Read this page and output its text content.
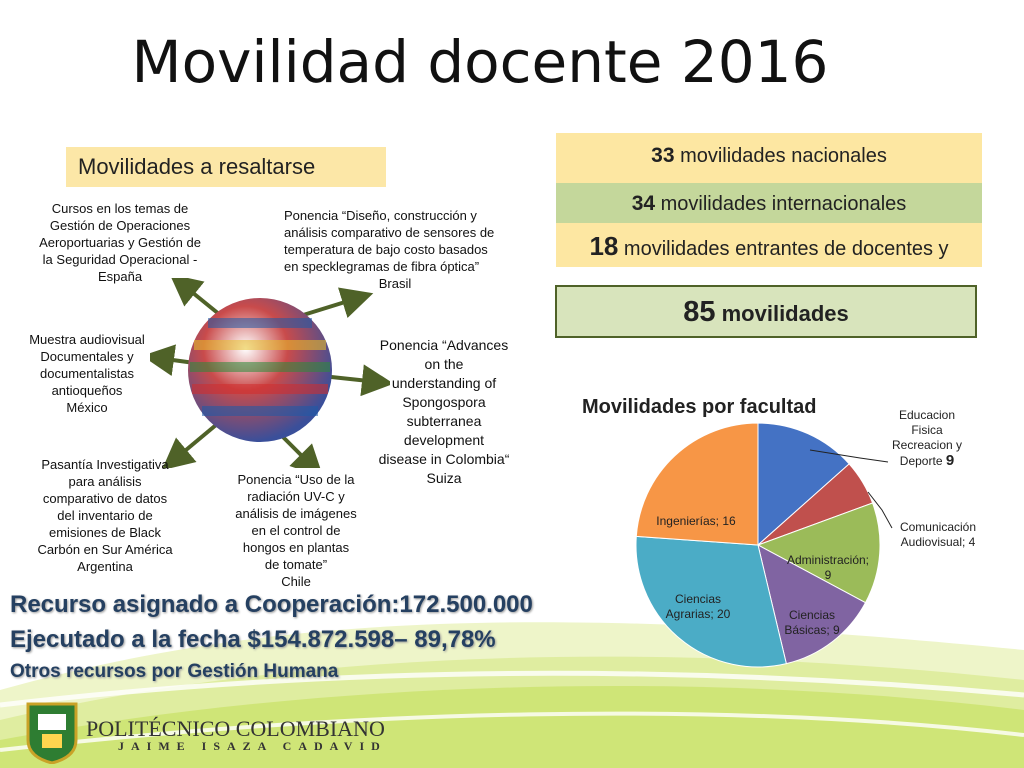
Movilidad docente 2016
Movilidades a resaltarse
Cursos en los temas de
Gestión de Operaciones
Aeroportuarias y Gestión de
la Seguridad Operacional -
España
Ponencia “Diseño, construcción y
análisis comparativo de sensores de
temperatura de bajo costo basados
en specklegramas de fibra óptica”
Brasil
Muestra audiovisual
Documentales y
documentalistas
antioqueños
México
Ponencia “Advances
on the
understanding of
Spongospora
subterranea
development
disease in Colombia“
Suiza
Pasantía Investigativa
para análisis
comparativo de datos
del inventario de
emisiones de Black
Carbón en Sur América
Argentina
Ponencia “Uso de la
radiación UV-C y
análisis de imágenes
en el control de
hongos en plantas
de tomate”
Chile
33 movilidades nacionales
34 movilidades internacionales
18 movilidades entrantes de docentes y
85 movilidades
Movilidades por facultad	Educacion
Fisica
Recreacion y
Deporte 9
Comunicación
Audiovisual; 4
Administración;
9
Ciencias
Básicas; 9
Ciencias
Agrarias; 20
Ingenierías; 16
Recurso asignado a Cooperación:172.500.000
Ejecutado a la fecha $154.872.598– 89,78%
Otros recursos por Gestión Humana
POLITÉCNICO COLOMBIANO
JAIME ISAZA CADAVID
